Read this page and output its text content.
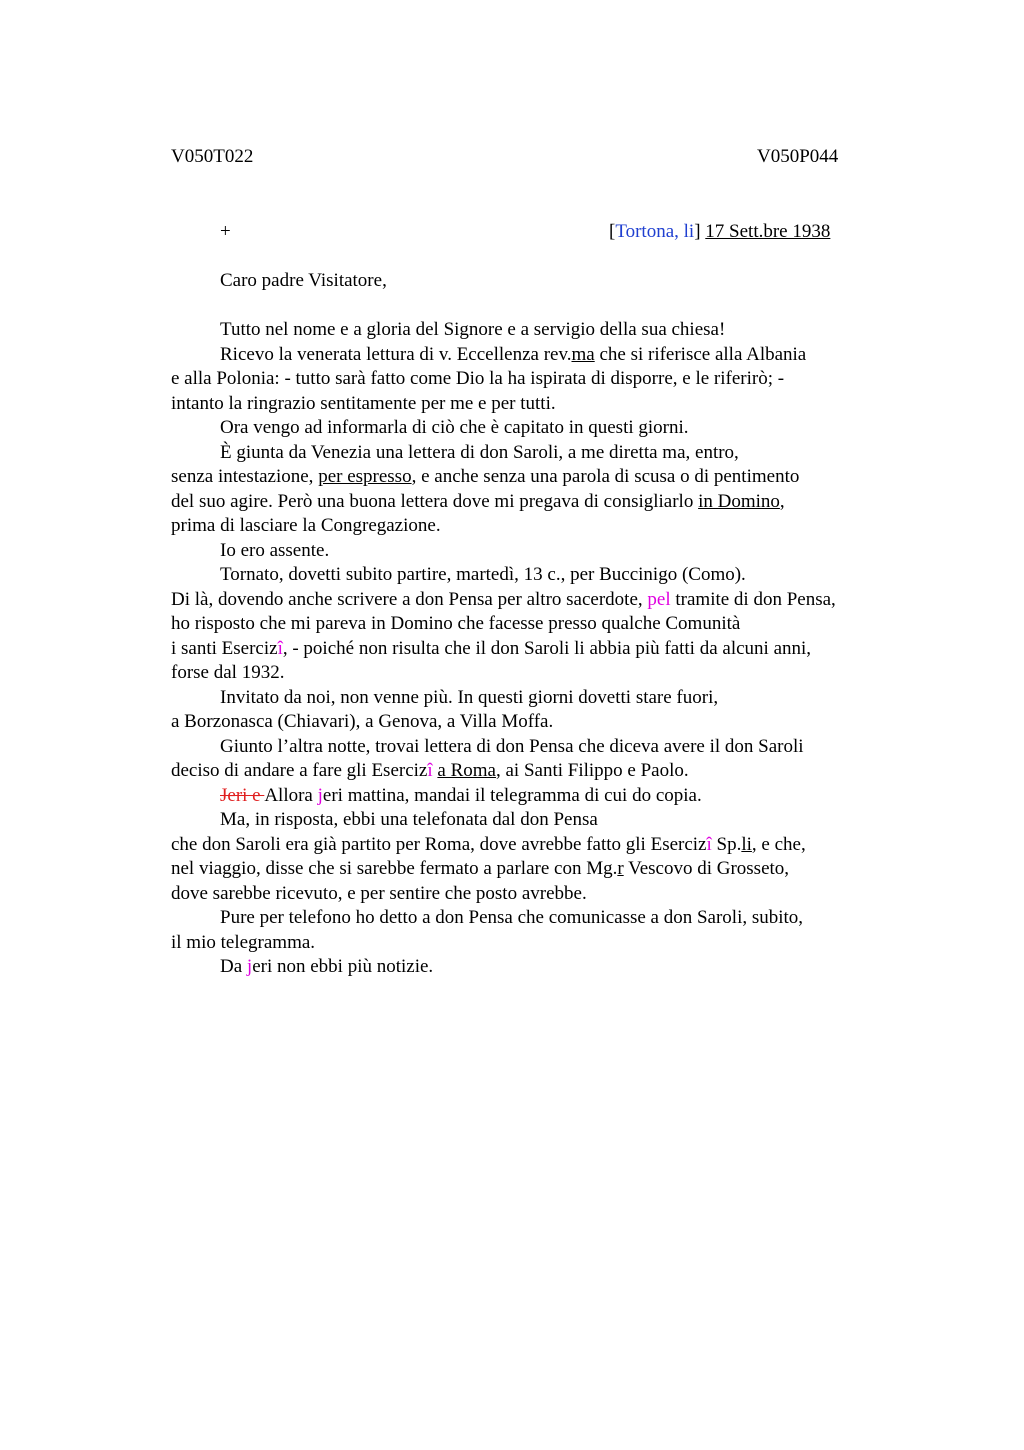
V050T022	V050P044
+	[Tortona, li] 17 Sett.bre 1938
Caro padre Visitatore,

Tutto nel nome e a gloria del Signore e a servigio della sua chiesa!

Ricevo la venerata lettura di v. Eccellenza rev.ma che si riferisce alla Albania
e alla Polonia: - tutto sarà fatto come Dio la ha ispirata di disporre, e le riferirò; -
intanto la ringrazio sentitamente per me e per tutti.

Ora vengo ad informarla di ciò che è capitato in questi giorni.

È giunta da Venezia una lettera di don Saroli, a me diretta ma, entro,
senza intestazione, per espresso, e anche senza una parola di scusa o di pentimento
del suo agire. Però una buona lettera dove mi pregava di consigliarlo in Domino,
prima di lasciare la Congregazione.

Io ero assente.

Tornato, dovetti subito partire, martedì, 13 c., per Buccinigo (Como).
Di là, dovendo anche scrivere a don Pensa per altro sacerdote, pel tramite di don Pensa,
ho risposto che mi pareva in Domino che facesse presso qualche Comunità
i santi Esercizî, - poiché non risulta che il don Saroli li abbia più fatti da alcuni anni,
forse dal 1932.

Invitato da noi, non venne più. In questi giorni dovetti stare fuori,
a Borzonasca (Chiavari), a Genova, a Villa Moffa.

Giunto l’altra notte, trovai lettera di don Pensa che diceva avere il don Saroli
deciso di andare a fare gli Esercizî a Roma, ai Santi Filippo e Paolo.

Jeri e Allora jeri mattina, mandai il telegramma di cui do copia.

Ma, in risposta, ebbi una telefonata dal don Pensa
che don Saroli era già partito per Roma, dove avrebbe fatto gli Esercizî Sp.li, e che,
nel viaggio, disse che si sarebbe fermato a parlare con Mg.r Vescovo di Grosseto,
dove sarebbe ricevuto, e per sentire che posto avrebbe.

Pure per telefono ho detto a don Pensa che comunicasse a don Saroli, subito,
il mio telegramma.

Da jeri non ebbi più notizie.
